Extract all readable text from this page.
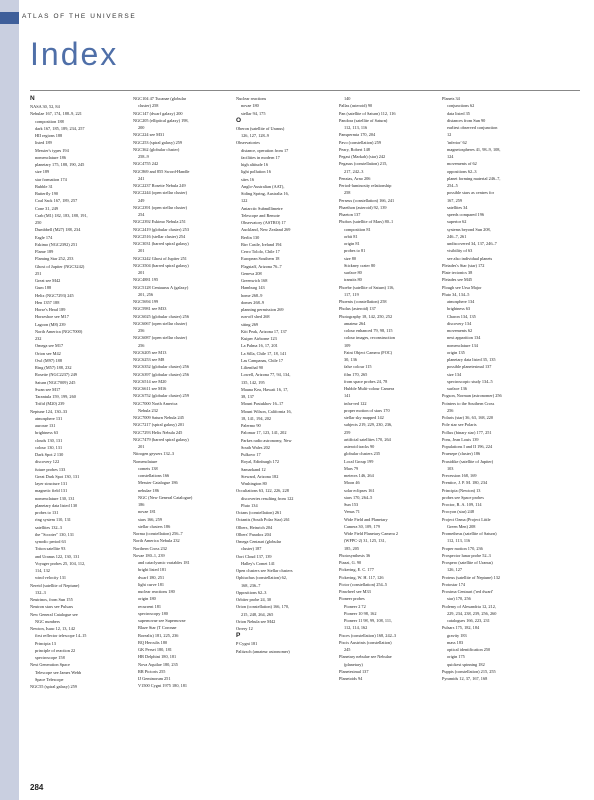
ATLAS OF THE UNIVERSE
Index
N
NASA 30, 52, 84
Nebulae 167, 174, 188–9, 221
composition 188
dark 167, 185, 189, 234, 257
HII regions 188
listed 189
Messier's types 194
nomenclature 186
planetary 175, 188, 190, 245
size 189
star formation 174
Bubble 31
Butterfly 190
Coal Sack 167, 189, 257
Cone 31, 249
Crab (M1) 182, 183, 188, 191,
250
Dumbbell (M27) 188, 234
Eagle 174
Eskimo (NGC2392) 251
Flame 189
Flaming Star 252, 253
Ghost of Jupiter (NGC3242)
251
Great see M42
Gum 188
Helix (NGC7293) 245
Hen 1357 188
Horse's Head 189
Horseshoe see M17
Lagoon (M8) 239
North America (NGC7000)
232
Omega see M17
Orion see M42
Owl (M97) 188
Ring (M57) 188, 232
Rosette (NGC2237) 249
Saturn (NGC7009) 245
Swan see M17
Tarantula 159, 199, 260
Trifid (M20) 239
Neptune 124, 130–33
atmosphere 131
aurorae 131
brightness 63
clouds 130, 131
colour 130, 131
Dark Spot 2 130
discovery 122
future probes 133
Great Dark Spot 130, 131
layer structure 131
magnetic field 131
nomenclature 130, 131
planetary data listed 130
probes to 131
ring system 110, 131
satellites 132–3
the "Scooter" 130, 131
synodic period 63
Triton satellite 93
and Uranus 122, 130, 131
Voyager probes 25, 104, 112,
114, 132
wind velocity 131
Nereid (satellite of Neptune)
132–3
Neutrinos, from Sun 155
Neutron stars see Pulsars
New General Catalogue see
NGC numbers
Newton, Isaac 12, 13, 142
first reflector telescope 14–15
Principia 13
principle of reaction 22
spectroscope 158
Next Generation Space
Telescope see James Webb
Space Telescope
NGC55 (spiral galaxy) 259
NGC104 47 Tucanae (globular
cluster) 258
NGC147 (dwarf galaxy) 200
NGC205 (elliptical galaxy) 198,
200
NGC224 see M31
NGC253 (spiral galaxy) 259
NGC362 (globular cluster)
258–9
NGC4755 242
NGC869 and 855 Sword-Handle
241
NGC2237 Rosette Nebula 249
NGC2244 (open stellar cluster)
249
NGC2391 (open stellar cluster)
254
NGC2392 Eskimo Nebula 251
NGC2419 (globular cluster) 253
NGC2516 (stellar cluster) 254
NGC3031 (barred spiral galaxy)
201
NGC3242 Ghost of Jupiter 251
NGC3504 (barred spiral galaxy)
201
NGC4881 195
NGC5128 Centaurus A (galaxy)
201, 256
NGC5694 199
NGC5981 see M33
NGC6025 (globular cluster) 256
NGC6067 (open stellar cluster)
256
NGC6087 (open stellar cluster)
256
NGC6205 see M13
NGC6253 see M8
NGC6352 (globular cluster) 256
NGC6397 (globular cluster) 256
NGC6514 see M20
NGC6611 see M16
NGC6752 (globular cluster) 259
NGC7000 North America
Nebula 232
NGC7009 Saturn Nebula 245
NGC7217 (spiral galaxy) 201
NGC7293 Helix Nebula 245
NGC7479 (barred spiral galaxy)
201
Nitrogen geysers 132–3
Nomenclature
comets 138
constellations 166
Messier Catalogue 186
nebulae 186
NGC (New General Catalogue)
186
novae 181
stars 166, 259
stellar clusters 186
Norma (constellation) 256–7
North America Nebula 232
Northern Cross 232
Novae 180–1, 239
and cataclysmic variables 181
bright listed 181
dwarf 180, 251
light curve 181
nuclear reactions 180
origin 180
recurrent 181
spectroscopy 180
supernovae see Supernovae
Blaze Star (T Coronae
Borealis) 181, 225, 236
BQ Herculis 180
GK Persei 180, 181
HR Delphini 180, 181
Nova Aquilae 180, 235
RR Pictoris 255
IJ Geminorum 251
V1500 Cygni 1975 180, 181
Nuclear reactions
novae 180
stellar 94, 175
O
Oberon (satellite of Uranus)
126, 127, 128–9
Observatories
distance, operation from 17
facilities in modern 17
high altitude 16
light pollution 16
sites 16
Anglo-Australian (AAT),
Siding Spring, Australia 16,
122
Antarctic Submillimetre
Telescope and Remote
Observatory (ASTRO) 17
Auckland, New Zealand 269
Berlin 130
Birr Castle, Ireland 194
Cerro Tololo, Chile 17
European Southern 18
Flagstaff, Arizona 76–7
Geneva 208
Greenwich 168
Hamburg 143
home 268–9
domes 268–9
planning permission 269
run-off shed 268
siting 269
Kitt Peak, Arizona 17, 137
Kuiper Airborne 123
La Palma 16, 17, 201
La Silla, Chile 17, 18, 141
Las Campanas, Chile 17
Lilienthal 90
Lowell, Arizona 77, 94, 134,
135, 142, 195
Mauna Kea, Hawaii 16, 17,
38, 137
Mount Pastukhov 16–17
Mount Wilson, California 16,
18, 141, 194, 202
Palermo 90
Palomar 17, 123, 141, 202
Parkes radio astronomy, New
South Wales 202
Pulkovo 17
Royal, Edinburgh 172
Samarkand 12
Steward, Arizona 182
Washington 80
Occultations 63, 122, 226, 228
discoveries resulting from 122
Pluto 134
Octans (constellation) 261
Octantis (South Polar Star) 261
Olbers, Heinrich 204
Olbers' Paradox 204
Omega Centauri (globular
cluster) 187
Oort Cloud 137, 139
Halley's Comet 141
Open clusters see Stellar clusters
Ophiuchus (constellation) 62,
168, 236–7
Oppositions 62–3
Orbiter probe 24, 30
Orion (constellation) 166, 170,
215, 248, 264, 265
Orion Nebula see M42
Orrery 12
P
P Cygni 181
Palitzsch (amateur astronomer)
140
Pallas (asteroid) 90
Pan (satellite of Saturn) 112, 116
Pandora (satellite of Saturn)
112, 113, 116
Panspermia 170, 204
Pavo (constellation) 259
Peary, Robert 148
Pegasi (Markab) (star) 242
Pegasus (constellation) 215,
217, 242–3
Penzias, Arno 206
Period-luminosity relationship
258
Perseus (constellation) 166, 241
Phaethon (asteroid) 92, 139
Phaeton 137
Phobos (satellite of Mars) 80–1
composition 81
orbit 81
origin 81
probes to 81
size 80
Stickney crater 80
surface 80
transits 80
Phoebe (satellite of Saturn) 116,
117, 119
Phoenix (constellation) 258
Pholus (asteroid) 137
Photography 18, 142, 250, 252
amateur 264
colour enhanced 79, 98, 115
colour images, reconstruction
109
Faint Object Camera (FOC)
30, 136
false colour 115
film 170, 265
from space probes 24, 78
Hubble Multi-colour Camera
141
infra-red 122
proper motion of stars 170
stellar sky mapped 142
subjects 219, 229, 230, 236,
259
artificial satellites 170, 264
asteroid tracks 90
globular clusters 235
Local Group 199
Mars 79
meteors 146, 264
Moon 46
solar eclipses 161
stars 170, 264–5
Sun 153
Venus 71
Wide Field and Planetary
Camera 30, 109, 179
Wide Field Planetary Camera 2
(WFPC-2) 31, 125, 131,
185, 205
Photosynthesis 36
Piazzi, G. 90
Pickering, E. C. 177
Pickering, W. H. 117, 126
Pictor (constellation) 254–5
Pinwheel see M33
Pioneer probes
Pioneer 2 72
Pioneer 10 98, 162
Pioneer 11 98, 99, 108, 111,
112, 114, 162
Pisces (constellation) 168, 242–3
Piscis Austrinis (constellation)
245
Planetary nebulae see Nebulae
(planetary)
Planetesimal 137
Planetoids 94
Planets 34
conjunctions 62
data listed 35
distances from Sun 90
earliest observed conjunction
12
'inferior' 62
magnetospheres 41, 98–9, 108,
124
movements of 62
oppositions 62–3
planet forming material 246–7,
254–5
possible stars as centres for
167, 259
satellites 34
speeds compared 196
superior 62
systems beyond Sun 208,
246–7, 261
undiscovered 34, 137, 246–7
visibility of 63
see also individual planets
Pleiades's Star (star) 172
Plate tectonics 38
Pleiades see M45
Plough see Ursa Major
Pluto 34, 134–5
atmosphere 134
brightness 63
Charon 134, 135
discovery 134
movements 62
next apparition 134
nomenclature 134
origin 135
planetary data listed 35, 135
possible planetesimal 137
size 134
spectroscopic study 134–5
surface 136
Pogson, Norman (astronomer) 256
Pointers to the Southern Cross
256
Polaris (star) 36, 63, 168, 220
Pole star see Polaris
Pollux (binary star) 177, 251
Pons, Jean Louis 139
Populations I and II 196, 224
Praesepe (cluster) 186
Praxidike (satellite of Jupiter)
103
Precession 168, 169
Prentice, J. P. M. 180, 234
Principia (Newton) 13
probes see Space probes
Proctor, R. A. 109, 114
Procyon (star) 248
Project Ozma (Project Little
Green Men) 208
Prometheus (satellite of Saturn)
112, 113, 116
Proper motion 170, 236
Prospector lunar probe 52–3
Prospero (satellite of Uranus)
126, 127
Proteus (satellite of Neptune) 132
Protostar 174
Proxima Centauri ('red dwarf'
star) 170, 256
Ptolemy of Alexandria 12, 212,
229, 234, 238, 239, 256, 260
catalogues 166, 223, 231
Pulsars 175, 182, 184
gravity 183
mass 183
optical identification 250
origin 175
quickest spinning 182
Puppis (constellation) 215, 255
Pyramids 12, 37, 167, 168
284
